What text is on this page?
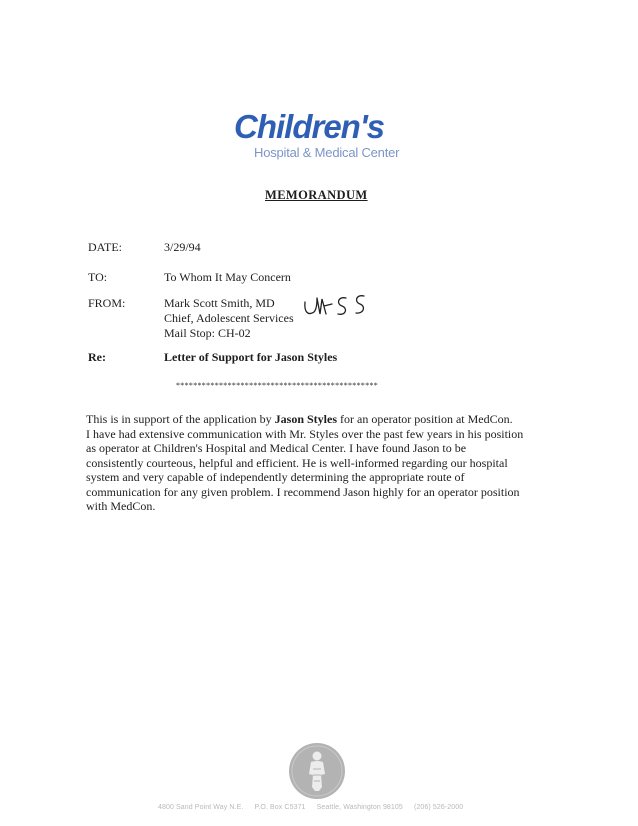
Children's
Hospital & Medical Center
MEMORANDUM
DATE:	3/29/94
TO:	To Whom It May Concern
FROM:	Mark Scott Smith, MD
Chief, Adolescent Services
Mail Stop: CH-02
Re:	Letter of Support for Jason Styles
***********************************************
This is in support of the application by Jason Styles for an operator position at MedCon.
I have had extensive communication with Mr. Styles over the past few years in his position
as operator at Children's Hospital and Medical Center. I have found Jason to be
consistently courteous, helpful and efficient. He is well-informed regarding our hospital
system and very capable of independently determining the appropriate route of
communication for any given problem. I recommend Jason highly for an operator position
with MedCon.
4800 Sand Point Way N.E. P.O. Box C5371 Seattle, Washington 98105 (206) 526-2000
